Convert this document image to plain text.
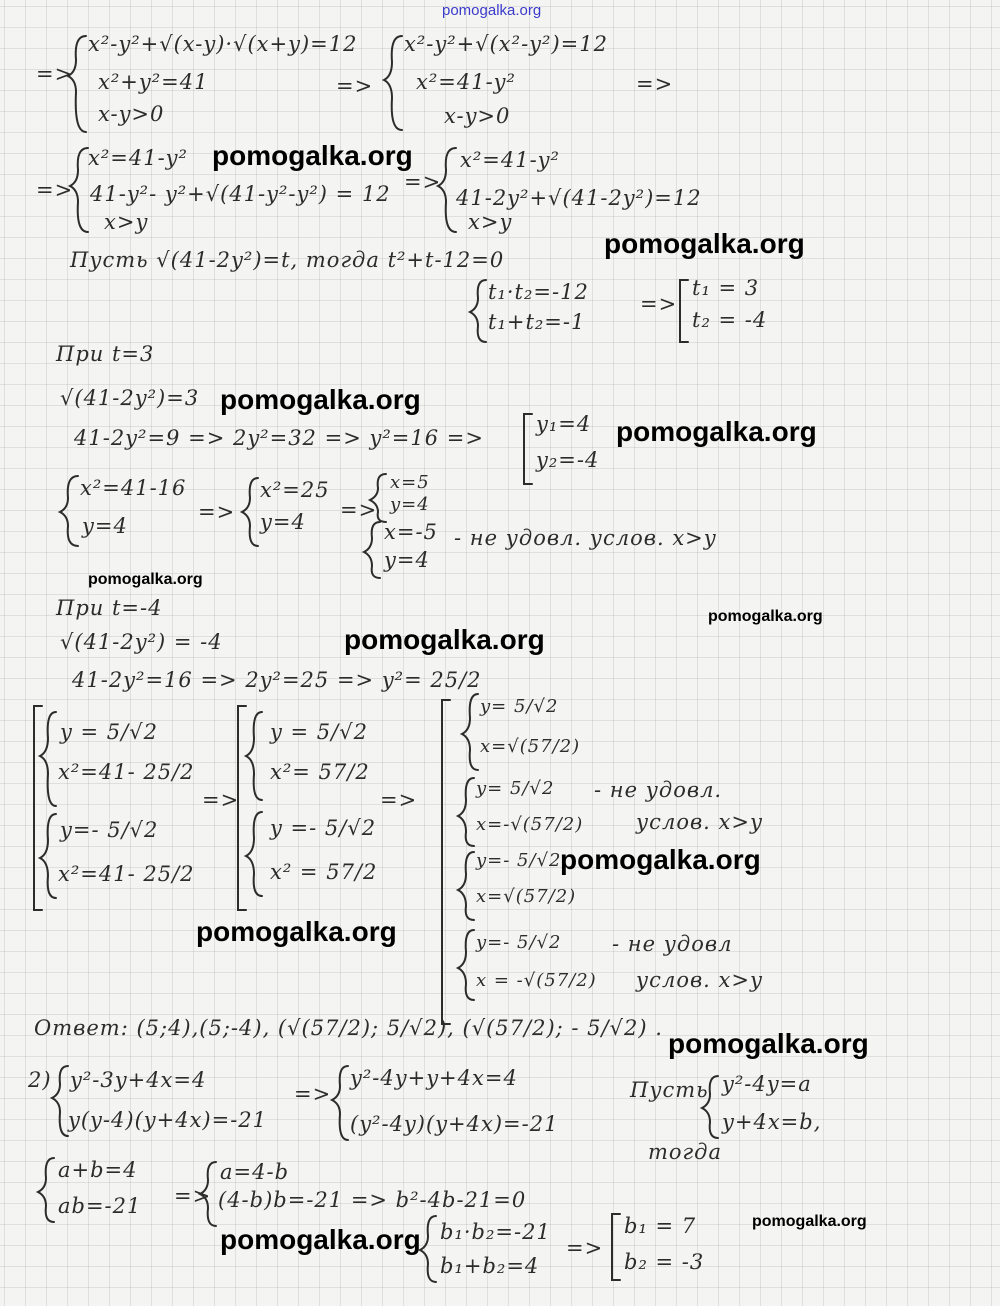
pomogalka.org
=>
x²-y²+√(x-y)·√(x+y)=12
x²+y²=41
x-y>0
=>
x²-y²+√(x²-y²)=12
x²=41-y²
x-y>0
=>
=>
x²=41-y²
41-y²- y²+√(41-y²-y²) = 12
x>y
=>
x²=41-y²
41-2y²+√(41-2y²)=12
x>y
Пусть √(41-2y²)=t, тогда t²+t-12=0
t₁·t₂=-12
t₁+t₂=-1
=>
t₁ = 3
t₂ = -4
При t=3
√(41-2y²)=3
41-2y²=9 => 2y²=32 => y²=16 =>
y₁=4
y₂=-4
x²=41-16
y=4
=>
x²=25
y=4 =>
x=5
y=4
x=-5
y=4
- не удовл. услов. x>y
При t=-4
√(41-2y²) = -4
41-2y²=16 => 2y²=25 => y²= 25/2
y = 5/√2
x²=41- 25/2
y=- 5/√2
x²=41- 25/2
=>
y = 5/√2
x²= 57/2
y =- 5/√2
x² = 57/2
=>
y= 5/√2
x=√(57/2)
y= 5/√2
x=-√(57/2)
- не удовл.
услов. x>y
y=- 5/√2
x=√(57/2)
y=- 5/√2
x = -√(57/2)
- не удовл
услов. x>y
Ответ: (5;4),(5;-4), (√(57/2); 5/√2), (√(57/2); - 5/√2) .
2) y²-3y+4x=4
y(y-4)(y+4x)=-21
=>
y²-4y+y+4x=4
(y²-4y)(y+4x)=-21
Пусть y²-4y=a
y+4x=b,
тогда
a+b=4
ab=-21 =>
a=4-b
(4-b)b=-21 => b²-4b-21=0
b₁·b₂=-21
b₁+b₂=4
=>
b₁ = 7
b₂ = -3
pomogalka.org
pomogalka.org
pomogalka.org
pomogalka.org
pomogalka.org
pomogalka.org
pomogalka.org
pomogalka.org
pomogalka.org
pomogalka.org
pomogalka.org
pomogalka.org
